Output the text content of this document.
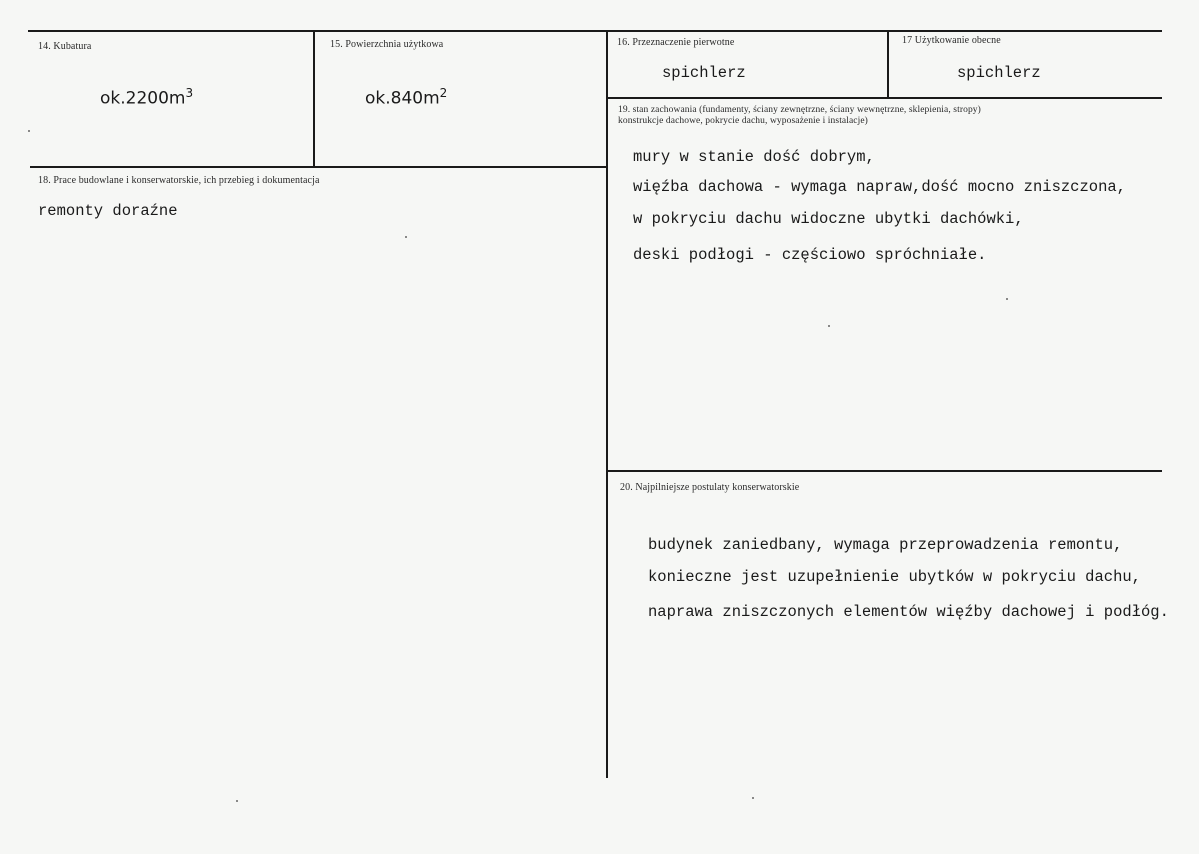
14. Kubatura
$ok.2200m^3$
15. Powierzchnia użytkowa
$ok.840m^2$
16. Przeznaczenie pierwotne
spichlerz
17 Użytkowanie obecne
spichlerz
18. Prace budowlane i konserwatorskie, ich przebieg i dokumentacja
remonty doraźne
19. stan zachowania (fundamenty, ściany zewnętrzne, ściany wewnętrzne, sklepienia, stropy)
konstrukcje dachowe, pokrycie dachu, wyposażenie i instalacje)
mury w stanie dość dobrym,
więźba dachowa - wymaga napraw,dość mocno zniszczona,
w pokryciu dachu widoczne ubytki dachówki,
deski podłogi - częściowo spróchniałe.
20. Najpilniejsze postulaty konserwatorskie
budynek zaniedbany, wymaga przeprowadzenia remontu,
konieczne jest uzupełnienie ubytków w pokryciu dachu,
naprawa zniszczonych elementów więźby dachowej i podłóg.
